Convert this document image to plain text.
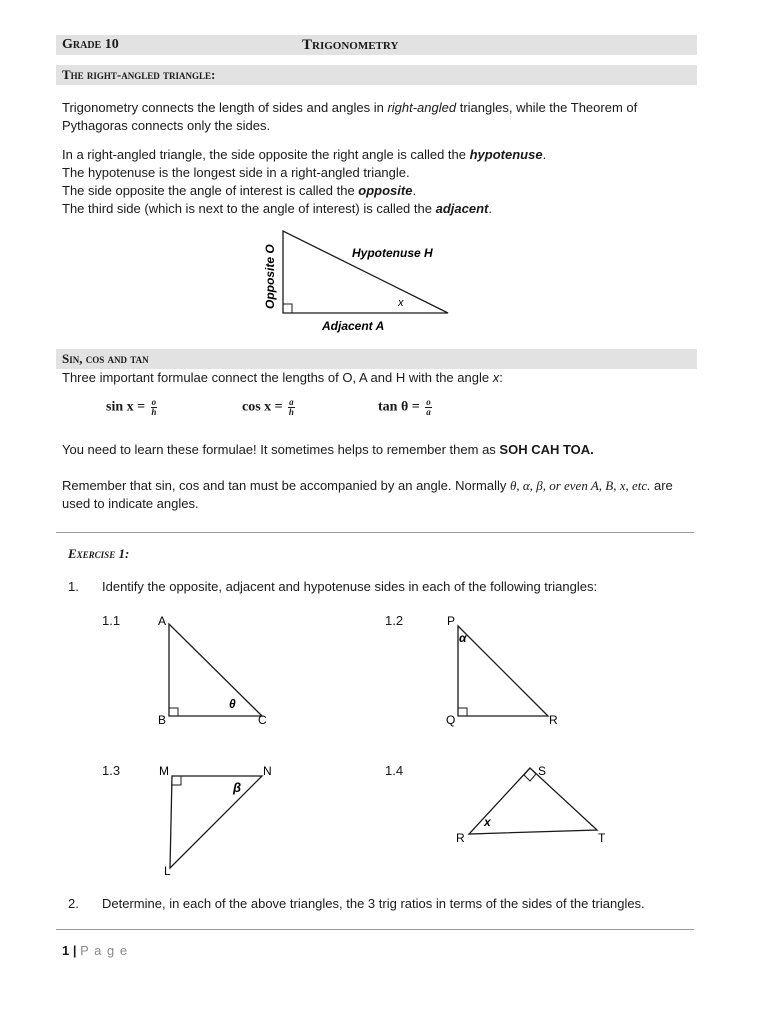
Grade 10	Trigonometry
The right-angled triangle:
Trigonometry connects the length of sides and angles in right-angled triangles, while the Theorem of Pythagoras connects only the sides.
In a right-angled triangle, the side opposite the right angle is called the hypotenuse.
The hypotenuse is the longest side in a right-angled triangle.
The side opposite the angle of interest is called the opposite.
The third side (which is next to the angle of interest) is called the adjacent.
Opposite O	Hypotenuse H
Adjacent A
x
Sin, cos and tan
Three important formulae connect the lengths of O, A and H with the angle x:
$\sin x = \frac{o}{h}$	$\cos x = \frac{a}{h}$	$\tan \theta = \frac{o}{a}$
You need to learn these formulae! It sometimes helps to remember them as SOH CAH TOA.
Remember that sin, cos and tan must be accompanied by an angle. Normally θ, α, β, or even A, B, x, etc. are used to indicate angles.
Exercise 1:
1. Identify the opposite, adjacent and hypotenuse sides in each of the following triangles:
1.1	A
B	C
θ
1.2	P
Q	R
α
1.3	M	N
L
β
1.4	S
R	T
x
2. Determine, in each of the above triangles, the 3 trig ratios in terms of the sides of the triangles.
1 | P a g e
